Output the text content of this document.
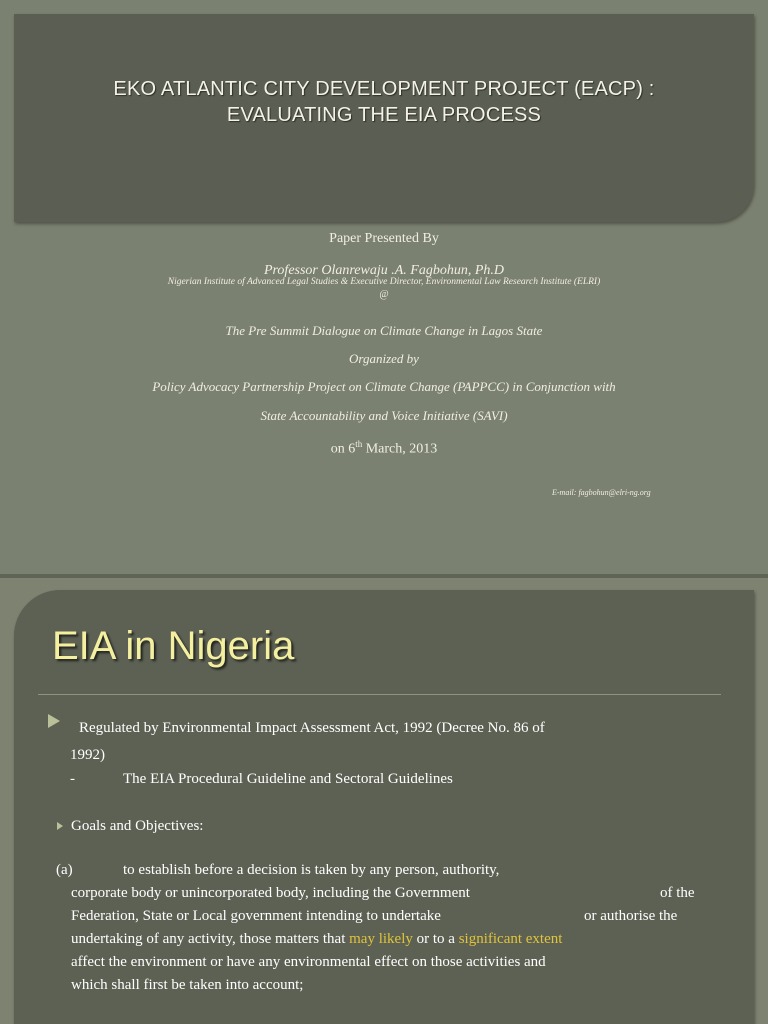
EKO ATLANTIC CITY DEVELOPMENT PROJECT (EACP) :
EVALUATING THE EIA PROCESS
Paper Presented By
Professor Olanrewaju .A. Fagbohun, Ph.D
Nigerian Institute of Advanced Legal Studies & Executive Director, Environmental Law Research Institute (ELRI)
@
The Pre Summit Dialogue on Climate Change in Lagos State
Organized by
Policy Advocacy Partnership Project on Climate Change (PAPPCC) in Conjunction with
State Accountability and Voice Initiative (SAVI)
on 6th March, 2013
E-mail: fagbohun@elri-ng.org
EIA in Nigeria
Regulated by Environmental Impact Assessment Act, 1992 (Decree No. 86 of
1992)
-	The EIA Procedural Guideline and Sectoral Guidelines
Goals and Objectives:
(a)	to establish before a decision is taken by any person, authority,
corporate body or unincorporated body, including the Government	of the
Federation, State or Local government intending to undertake	or authorise the
undertaking of any activity, those matters that may likely or to a significant extent
affect the environment or have any environmental effect on those activities and
which shall first be taken into account;
